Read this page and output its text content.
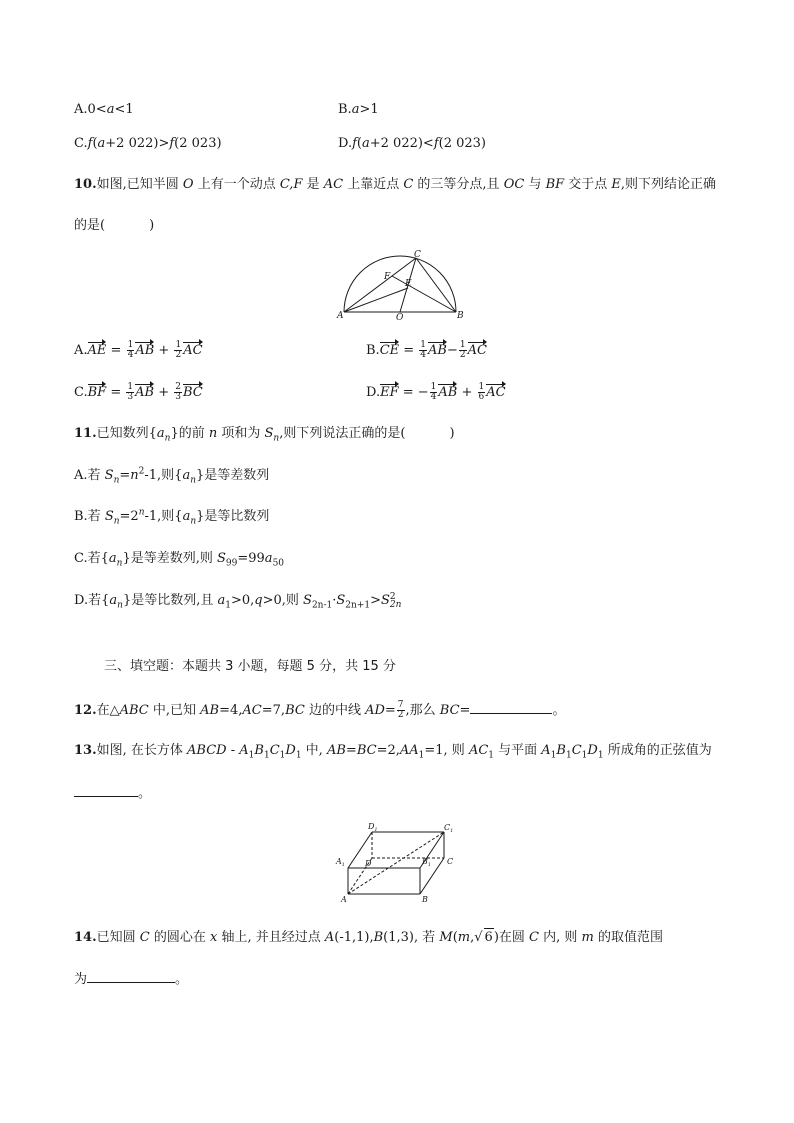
A.0<a<1	B.a>1
C.f(a+2 022)>f(2 023)	D.f(a+2 022)<f(2 023)
10.如图,已知半圆 O 上有一个动点 C,F 是 AC 上靠近点 C 的三等分点,且 OC 与 BF 交于点 E,则下列结论正确
的是(	)
A	B
C
O
F
E
$A.AE = \frac{1}{4}$ AB + $\frac{1}{2}$ AC	$B.CE = \frac{1}{4} AB- \frac{1}{2}$ AC
$C.BF = \frac{1}{3}$ AB + $\frac{2}{3}$ BC	D.EF = − $\frac{1}{4}$ AB + $\frac{1}{6}$ AC
11.已知数列$\{a_n\}$的前 n 项和为 $S_n$,则下列说法正确的是(	)
A.若 $S_n=n^2-1$,则$\{a_n\}$是等差数列
B.若 $S_n=2^n-1$,则$\{a_n\}$是等比数列
C.若$\{a_n\}$是等差数列,则 $S_{99}=99a_{50}$
D.若$\{a_n\}$是等比数列,且 $a_1>0,q>0$,则 $S_{2n-1}\cdot S_{2n+1}>S$ 2
2n
三、填空题：本题共 3 小题，每题 5 分，共 15 分
12.在△ABC 中,已知 AB=4,AC=7,BC 边的中线 $AD= \frac{7}{2}$ ,那么 BC=	。
13.如图, 在长方体 ABCD - $A_1B_1C_1D_1$ 中, $AB=BC=2,AA_1=1$, 则 $AC_1$ 与平面 $A_1B_1C_1D_1$ 所成角的正弦值为
。
A	B
C
D
$A_1$	$B_1$
$C_1$
$D_1$
14.已知圆 C 的圆心在 x 轴上, 并且经过点 A(-1,1),B(1,3), 若 M(m,√ 6)在圆 C 内, 则 m 的取值范围
为	。
